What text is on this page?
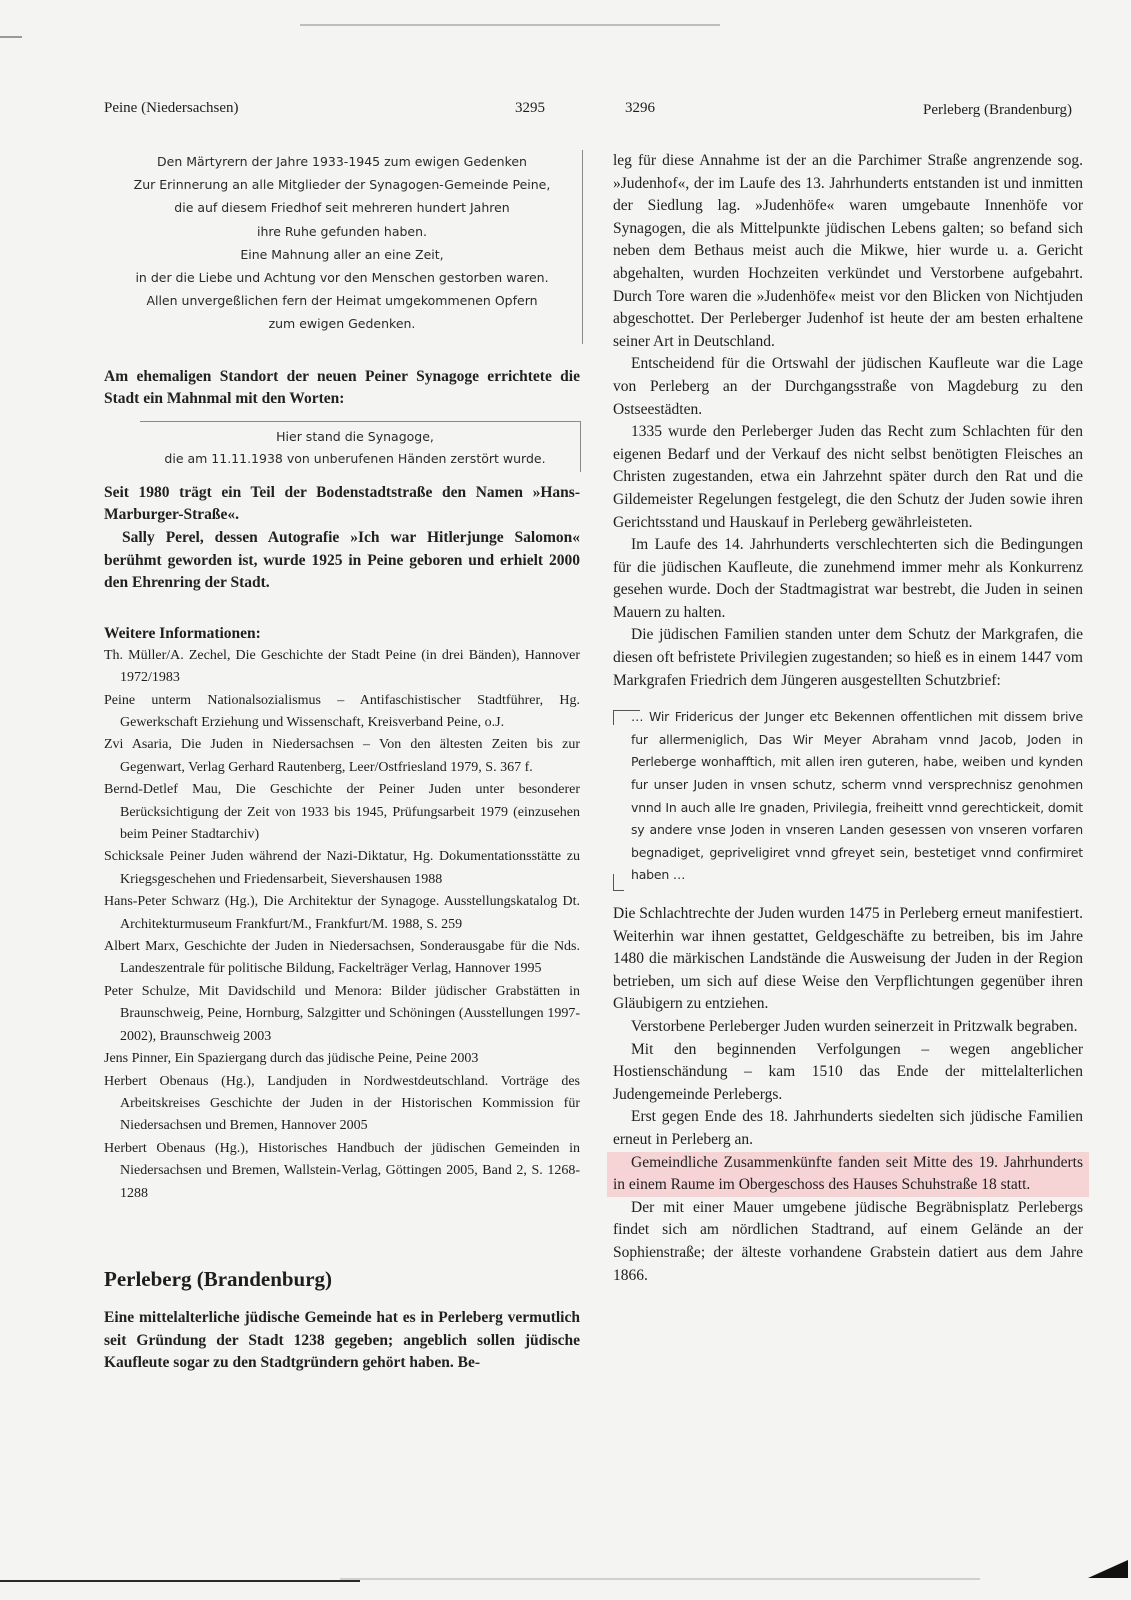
Peine (Niedersachsen)	3295	3296	Perleberg (Brandenburg)
Den Märtyrern der Jahre 1933-1945 zum ewigen Gedenken
Zur Erinnerung an alle Mitglieder der Synagogen-Gemeinde Peine,
die auf diesem Friedhof seit mehreren hundert Jahren
ihre Ruhe gefunden haben.
Eine Mahnung aller an eine Zeit,
in der die Liebe und Achtung vor den Menschen gestorben waren.
Allen unvergeßlichen fern der Heimat umgekommenen Opfern
zum ewigen Gedenken.

Am ehemaligen Standort der neuen Peiner Synagoge errichtete die Stadt ein Mahnmal mit den Worten:

Hier stand die Synagoge,
die am 11.11.1938 von unberufenen Händen zerstört wurde.

Seit 1980 trägt ein Teil der Bodenstadtstraße den Namen »Hans-Marburger-Straße«.

Sally Perel, dessen Autografie »Ich war Hitlerjunge Salomon« berühmt geworden ist, wurde 1925 in Peine geboren und erhielt 2000 den Ehrenring der Stadt.

Weitere Informationen:

Th. Müller/A. Zechel, Die Geschichte der Stadt Peine (in drei Bänden), Hannover 1972/1983

Peine unterm Nationalsozialismus – Antifaschistischer Stadtführer, Hg. Gewerkschaft Erziehung und Wissenschaft, Kreisverband Peine, o.J.

Zvi Asaria, Die Juden in Niedersachsen – Von den ältesten Zeiten bis zur Gegenwart, Verlag Gerhard Rautenberg, Leer/Ostfriesland 1979, S. 367 f.

Bernd-Detlef Mau, Die Geschichte der Peiner Juden unter besonderer Berücksichtigung der Zeit von 1933 bis 1945, Prüfungsarbeit 1979 (einzusehen beim Peiner Stadtarchiv)

Schicksale Peiner Juden während der Nazi-Diktatur, Hg. Dokumentationsstätte zu Kriegsgeschehen und Friedensarbeit, Sievershausen 1988

Hans-Peter Schwarz (Hg.), Die Architektur der Synagoge. Ausstellungskatalog Dt. Architekturmuseum Frankfurt/M., Frankfurt/M. 1988, S. 259

Albert Marx, Geschichte der Juden in Niedersachsen, Sonderausgabe für die Nds. Landeszentrale für politische Bildung, Fackelträger Verlag, Hannover 1995

Peter Schulze, Mit Davidschild und Menora: Bilder jüdischer Grabstätten in Braunschweig, Peine, Hornburg, Salzgitter und Schöningen (Ausstellungen 1997-2002), Braunschweig 2003

Jens Pinner, Ein Spaziergang durch das jüdische Peine, Peine 2003

Herbert Obenaus (Hg.), Landjuden in Nordwestdeutschland. Vorträge des Arbeitskreises Geschichte der Juden in der Historischen Kommission für Niedersachsen und Bremen, Hannover 2005

Herbert Obenaus (Hg.), Historisches Handbuch der jüdischen Gemeinden in Niedersachsen und Bremen, Wallstein-Verlag, Göttingen 2005, Band 2, S. 1268-1288

Perleberg (Brandenburg)

Eine mittelalterliche jüdische Gemeinde hat es in Perleberg vermutlich seit Gründung der Stadt 1238 gegeben; angeblich sollen jüdische Kaufleute sogar zu den Stadtgründern gehört haben. Be-

leg für diese Annahme ist der an die Parchimer Straße angrenzende sog. »Judenhof«, der im Laufe des 13. Jahrhunderts entstanden ist und inmitten der Siedlung lag. »Judenhöfe« waren umgebaute Innenhöfe vor Synagogen, die als Mittelpunkte jüdischen Lebens galten; so befand sich neben dem Bethaus meist auch die Mikwe, hier wurde u. a. Gericht abgehalten, wurden Hochzeiten verkündet und Verstorbene aufgebahrt. Durch Tore waren die »Judenhöfe« meist vor den Blicken von Nichtjuden abgeschottet. Der Perleberger Judenhof ist heute der am besten erhaltene seiner Art in Deutschland.

Entscheidend für die Ortswahl der jüdischen Kaufleute war die Lage von Perleberg an der Durchgangsstraße von Magdeburg zu den Ostseestädten.

1335 wurde den Perleberger Juden das Recht zum Schlachten für den eigenen Bedarf und der Verkauf des nicht selbst benötigten Fleisches an Christen zugestanden, etwa ein Jahrzehnt später durch den Rat und die Gildemeister Regelungen festgelegt, die den Schutz der Juden sowie ihren Gerichtsstand und Hauskauf in Perleberg gewährleisteten.

Im Laufe des 14. Jahrhunderts verschlechterten sich die Bedingungen für die jüdischen Kaufleute, die zunehmend immer mehr als Konkurrenz gesehen wurde. Doch der Stadtmagistrat war bestrebt, die Juden in seinen Mauern zu halten.

Die jüdischen Familien standen unter dem Schutz der Markgrafen, die diesen oft befristete Privilegien zugestanden; so hieß es in einem 1447 vom Markgrafen Friedrich dem Jüngeren ausgestellten Schutzbrief:

… Wir Fridericus der Junger etc Bekennen offentlichen mit dissem brive fur allermeniglich, Das Wir Meyer Abraham vnnd Jacob, Joden in Perleberge wonhafftich, mit allen iren guteren, habe, weiben und kynden fur unser Juden in vnsen schutz, scherm vnnd versprechnisz genohmen vnnd In auch alle Ire gnaden, Privilegia, freiheitt vnnd gerechtickeit, domit sy andere vnse Joden in vnseren Landen gesessen von vnseren vorfaren begnadiget, gepriveligiret vnnd gfreyet sein, bestetiget vnnd confirmiret haben …

Die Schlachtrechte der Juden wurden 1475 in Perleberg erneut manifestiert. Weiterhin war ihnen gestattet, Geldgeschäfte zu betreiben, bis im Jahre 1480 die märkischen Landstände die Ausweisung der Juden in der Region betrieben, um sich auf diese Weise den Verpflichtungen gegenüber ihren Gläubigern zu entziehen.

Verstorbene Perleberger Juden wurden seinerzeit in Pritzwalk begraben.

Mit den beginnenden Verfolgungen – wegen angeblicher Hostienschändung – kam 1510 das Ende der mittelalterlichen Judengemeinde Perlebergs.

Erst gegen Ende des 18. Jahrhunderts siedelten sich jüdische Familien erneut in Perleberg an.

Gemeindliche Zusammenkünfte fanden seit Mitte des 19. Jahrhunderts in einem Raume im Obergeschoss des Hauses Schuhstraße 18 statt.

Der mit einer Mauer umgebene jüdische Begräbnisplatz Perlebergs findet sich am nördlichen Stadtrand, auf einem Gelände an der Sophienstraße; der älteste vorhandene Grabstein datiert aus dem Jahre 1866.
